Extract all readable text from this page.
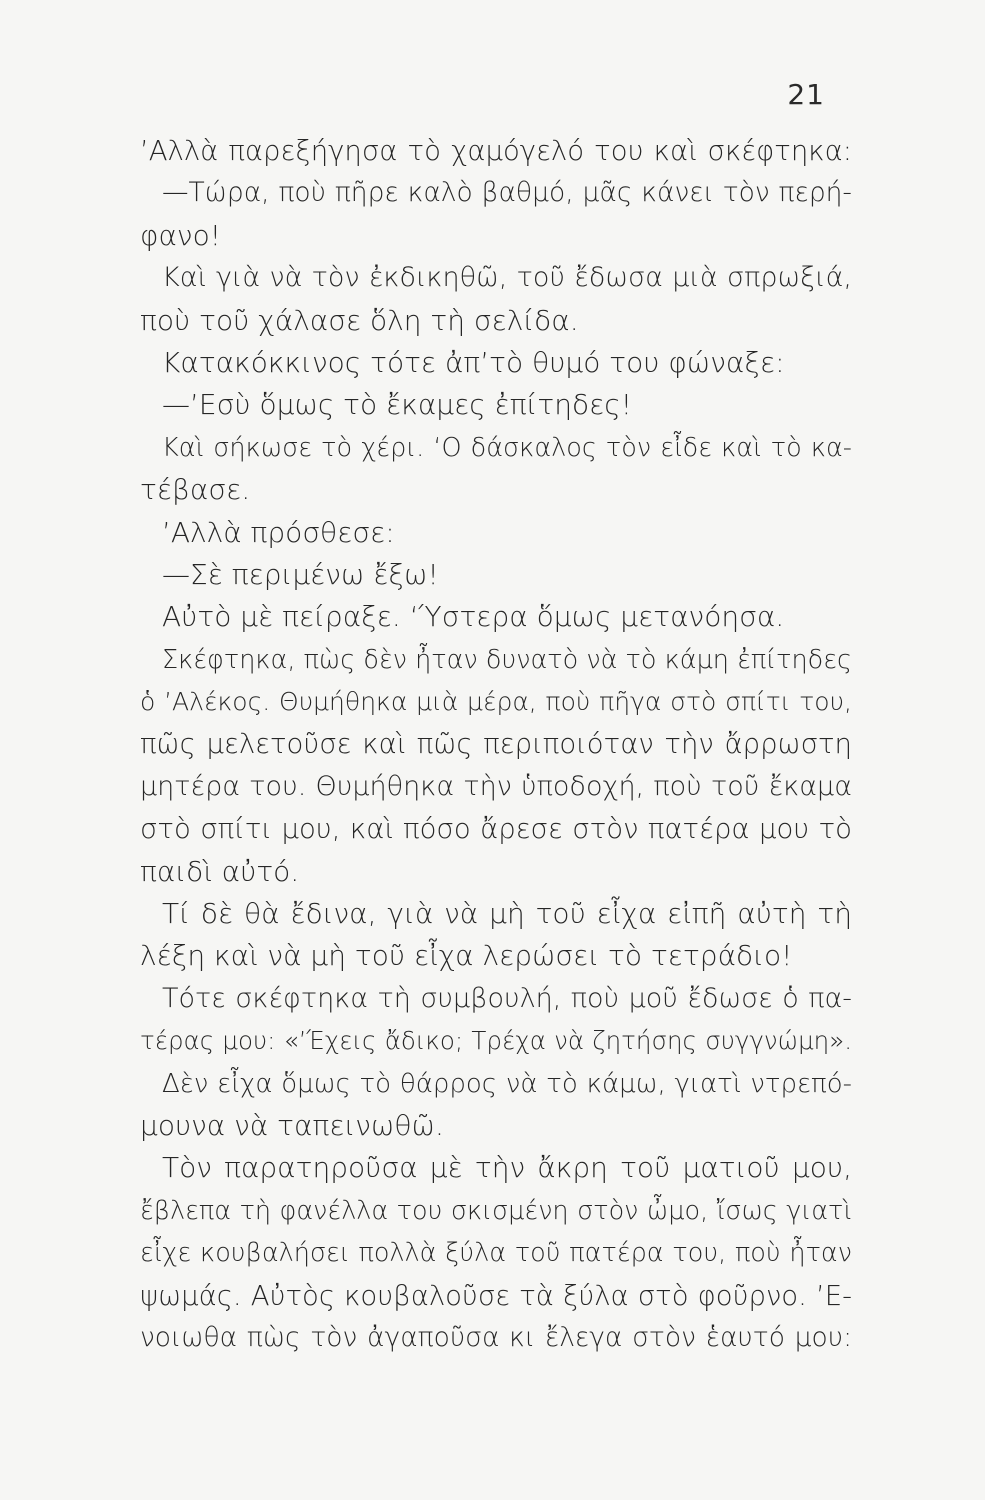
21
’Αλλὰ παρεξήγησα τὸ χαμόγελό του καὶ σκέφτηκα:
—Τώρα, ποὺ πῆρε καλὸ βαθμό, μᾶς κάνει τὸν περή-
φανο!
Καὶ γιὰ νὰ τὸν ἐκδικηθῶ, τοῦ ἔδωσα μιὰ σπρωξιά,
ποὺ τοῦ χάλασε ὅλη τὴ σελίδα.
Κατακόκκινος τότε ἀπ’τὸ θυμό του φώναξε:
—’Εσὺ ὅμως τὸ ἔκαμες ἐπίτηδες!
Καὶ σήκωσε τὸ χέρι. ‘Ο δάσκαλος τὸν εἶδε καὶ τὸ κα-
τέβασε.
’Αλλὰ πρόσθεσε:
—Σὲ περιμένω ἔξω!
Αὐτὸ μὲ πείραξε. ‘Ύστερα ὅμως μετανόησα.
Σκέφτηκα, πὼς δὲν ἦταν δυνατὸ νὰ τὸ κάμη ἐπίτηδες
ὁ ’Αλέκος. Θυμήθηκα μιὰ μέρα, ποὺ πῆγα στὸ σπίτι του,
πῶς μελετοῦσε καὶ πῶς περιποιόταν τὴν ἄρρωστη
μητέρα του. Θυμήθηκα τὴν ὑποδοχή, ποὺ τοῦ ἔκαμα
στὸ σπίτι μου, καὶ πόσο ἄρεσε στὸν πατέρα μου τὸ
παιδὶ αὐτό.
Τί δὲ θὰ ἔδινα, γιὰ νὰ μὴ τοῦ εἶχα εἰπῆ αὐτὴ τὴ
λέξη καὶ νὰ μὴ τοῦ εἶχα λερώσει τὸ τετράδιο!
Τότε σκέφτηκα τὴ συμβουλή, ποὺ μοῦ ἔδωσε ὁ πα-
τέρας μου: «’Έχεις ἄδικο; Τρέχα νὰ ζητήσης συγγνώμη».
Δὲν εἶχα ὅμως τὸ θάρρος νὰ τὸ κάμω, γιατὶ ντρεπό-
μουνα νὰ ταπεινωθῶ.
Τὸν παρατηροῦσα μὲ τὴν ἄκρη τοῦ ματιοῦ μου,
ἔβλεπα τὴ φανέλλα του σκισμένη στὸν ὦμο, ἴσως γιατὶ
εἶχε κουβαλήσει πολλὰ ξύλα τοῦ πατέρα του, ποὺ ἦταν
ψωμάς. Αὐτὸς κουβαλοῦσε τὰ ξύλα στὸ φοῦρνο. ’Ε-
νοιωθα πὼς τὸν ἀγαποῦσα κι ἔλεγα στὸν ἑαυτό μου:
